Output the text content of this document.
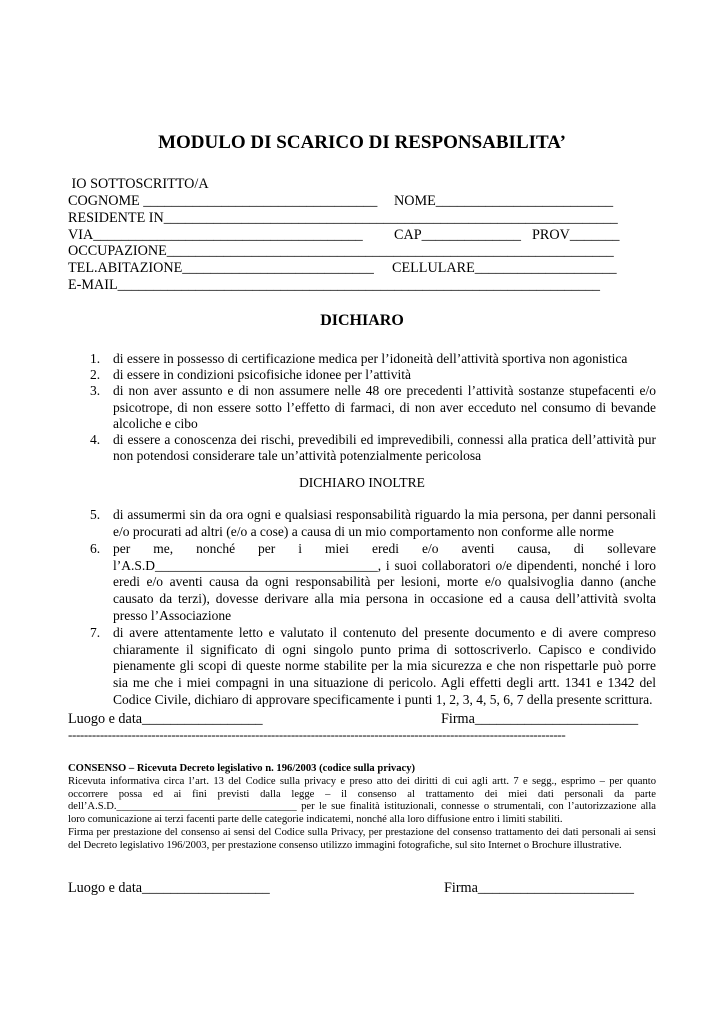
MODULO DI SCARICO DI RESPONSABILITA’
IO SOTTOSCRITTO/A
COGNOME _________________________________ NOME_________________________
RESIDENTE IN________________________________________________________________
VIA______________________________________ CAP______________ PROV_______
OCCUPAZIONE_______________________________________________________________
TEL.ABITAZIONE___________________________ CELLULARE____________________
E-MAIL____________________________________________________________________
DICHIARO
1. di essere in possesso di certificazione medica per l’idoneità dell’attività sportiva non agonistica
2. di essere in condizioni psicofisiche idonee per l’attività
3. di non aver assunto e di non assumere nelle 48 ore precedenti l’attività sostanze stupefacenti e/o psicotrope, di non essere sotto l’effetto di farmaci, di non aver ecceduto nel consumo di bevande alcoliche e cibo
4. di essere a conoscenza dei rischi, prevedibili ed imprevedibili, connessi alla pratica dell’attività pur non potendosi considerare tale un’attività potenzialmente pericolosa
DICHIARO INOLTRE
5. di assumermi sin da ora ogni e qualsiasi responsabilità riguardo la mia persona, per danni personali e/o procurati ad altri (e/o a cose) a causa di un mio comportamento non conforme alle norme
6. per me, nonché per i miei eredi e/o aventi causa, di sollevare l’A.S.D_________________________________, i suoi collaboratori o/e dipendenti, nonché i loro eredi e/o aventi causa da ogni responsabilità per lesioni, morte e/o qualsivoglia danno (anche causato da terzi), dovesse derivare alla mia persona in occasione ed a causa dell’attività svolta presso l’Associazione
7. di avere attentamente letto e valutato il contenuto del presente documento e di avere compreso chiaramente il significato di ogni singolo punto prima di sottoscriverlo. Capisco e condivido pienamente gli scopi di queste norme stabilite per la mia sicurezza e che non rispettarle può porre sia me che i miei compagni in una situazione di pericolo. Agli effetti degli artt. 1341 e 1342 del Codice Civile, dichiaro di approvare specificamente i punti 1, 2, 3, 4, 5, 6, 7 della presente scrittura.
Luogo e data_________________	Firma_______________________
-----------------------------------------------------------------------------------------------------------------------------
CONSENSO – Ricevuta Decreto legislativo n. 196/2003 (codice sulla privacy)

Ricevuta informativa circa l’art. 13 del Codice sulla privacy e preso atto dei diritti di cui agli artt. 7 e segg., esprimo – per quanto occorrere possa ed ai fini previsti dalla legge – il consenso al trattamento dei miei dati personali da parte dell’A.S.D.__________________________________ per le sue finalità istituzionali, connesse o strumentali, con l’autorizzazione alla loro comunicazione ai terzi facenti parte delle categorie indicatemi, nonché alla loro diffusione entro i limiti stabiliti.

Firma per prestazione del consenso ai sensi del Codice sulla Privacy, per prestazione del consenso trattamento dei dati personali ai sensi del Decreto legislativo 196/2003, per prestazione consenso utilizzo immagini fotografiche, sul sito Internet o Brochure illustrative.

Luogo e data__________________	Firma______________________
